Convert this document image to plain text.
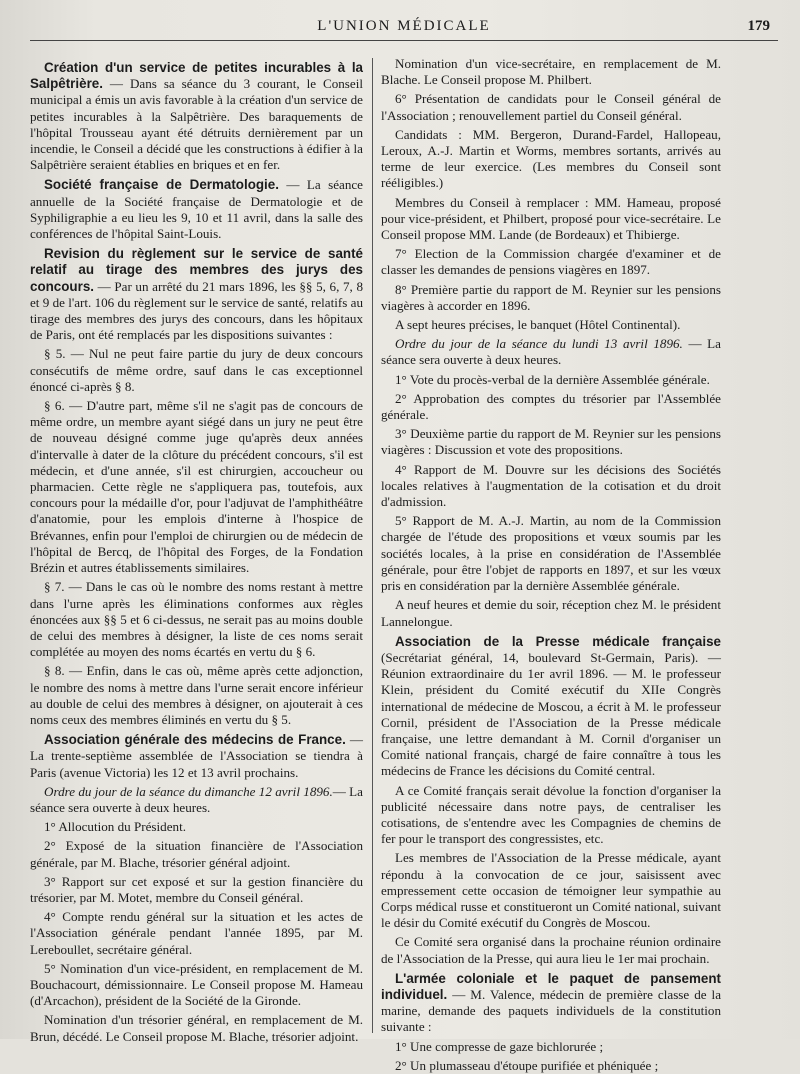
L'UNION MÉDICALE	179

Création d'un service de petites incurables à la Salpêtrière. — Dans sa séance du 3 courant, le Conseil municipal a émis un avis favorable à la création d'un service de petites incurables à la Salpêtrière. Des baraquements de l'hôpital Trousseau ayant été détruits dernièrement par un incendie, le Conseil a décidé que les constructions à édifier à la Salpêtrière seraient établies en briques et en fer.

Société française de Dermatologie. — La séance annuelle de la Société française de Dermatologie et de Syphiligraphie a eu lieu les 9, 10 et 11 avril, dans la salle des conférences de l'hôpital Saint-Louis.

Revision du règlement sur le service de santé relatif au tirage des membres des jurys des concours. — Par un arrêté du 21 mars 1896, les §§ 5, 6, 7, 8 et 9 de l'art. 106 du règlement sur le service de santé, relatifs au tirage des membres des jurys des concours, dans les hôpitaux de Paris, ont été remplacés par les dispositions suivantes :

§ 5. — Nul ne peut faire partie du jury de deux concours consécutifs de même ordre, sauf dans le cas exceptionnel énoncé ci-après § 8.

§ 6. — D'autre part, même s'il ne s'agit pas de concours de même ordre, un membre ayant siégé dans un jury ne peut être de nouveau désigné comme juge qu'après deux années d'intervalle à dater de la clôture du précédent concours, s'il est médecin, et d'une année, s'il est chirurgien, accoucheur ou pharmacien. Cette règle ne s'appliquera pas, toutefois, aux concours pour la médaille d'or, pour l'adjuvat de l'amphithéâtre d'anatomie, pour les emplois d'interne à l'hospice de Brévannes, enfin pour l'emploi de chirurgien ou de médecin de l'hôpital de Bercq, de l'hôpital des Forges, de la Fondation Brézin et autres établissements similaires.

§ 7. — Dans le cas où le nombre des noms restant à mettre dans l'urne après les éliminations conformes aux règles énoncées aux §§ 5 et 6 ci-dessus, ne serait pas au moins double de celui des membres à désigner, la liste de ces noms serait complétée au moyen des noms écartés en vertu du § 6.

§ 8. — Enfin, dans le cas où, même après cette adjonction, le nombre des noms à mettre dans l'urne serait encore inférieur au double de celui des membres à désigner, on ajouterait à ces noms ceux des membres éliminés en vertu du § 5.

Association générale des médecins de France. — La trente-septième assemblée de l'Association se tiendra à Paris (avenue Victoria) les 12 et 13 avril prochains.

Ordre du jour de la séance du dimanche 12 avril 1896.— La séance sera ouverte à deux heures.

1° Allocution du Président.

2° Exposé de la situation financière de l'Association générale, par M. Blache, trésorier général adjoint.

3° Rapport sur cet exposé et sur la gestion financière du trésorier, par M. Motet, membre du Conseil général.

4° Compte rendu général sur la situation et les actes de l'Association générale pendant l'année 1895, par M. Lereboullet, secrétaire général.

5° Nomination d'un vice-président, en remplacement de M. Bouchacourt, démissionnaire. Le Conseil propose M. Hameau (d'Arcachon), président de la Société de la Gironde.

Nomination d'un trésorier général, en remplacement de M. Brun, décédé. Le Conseil propose M. Blache, trésorier adjoint.

Nomination d'un vice-secrétaire, en remplacement de M. Blache. Le Conseil propose M. Philbert.

6° Présentation de candidats pour le Conseil général de l'Association ; renouvellement partiel du Conseil général.

Candidats : MM. Bergeron, Durand-Fardel, Hallopeau, Leroux, A.-J. Martin et Worms, membres sortants, arrivés au terme de leur exercice. (Les membres du Conseil sont rééligibles.)

Membres du Conseil à remplacer : MM. Hameau, proposé pour vice-président, et Philbert, proposé pour vice-secrétaire. Le Conseil propose MM. Lande (de Bordeaux) et Thibierge.

7° Election de la Commission chargée d'examiner et de classer les demandes de pensions viagères en 1897.

8° Première partie du rapport de M. Reynier sur les pensions viagères à accorder en 1896.

A sept heures précises, le banquet (Hôtel Continental).

Ordre du jour de la séance du lundi 13 avril 1896. — La séance sera ouverte à deux heures.

1° Vote du procès-verbal de la dernière Assemblée générale.

2° Approbation des comptes du trésorier par l'Assemblée générale.

3° Deuxième partie du rapport de M. Reynier sur les pensions viagères : Discussion et vote des propositions.

4° Rapport de M. Douvre sur les décisions des Sociétés locales relatives à l'augmentation de la cotisation et du droit d'admission.

5° Rapport de M. A.-J. Martin, au nom de la Commission chargée de l'étude des propositions et vœux soumis par les sociétés locales, à la prise en considération de l'Assemblée générale, pour être l'objet de rapports en 1897, et sur les vœux pris en considération par la dernière Assemblée générale.

A neuf heures et demie du soir, réception chez M. le président Lannelongue.

Association de la Presse médicale française (Secrétariat général, 14, boulevard St-Germain, Paris). — Réunion extraordinaire du 1er avril 1896. — M. le professeur Klein, président du Comité exécutif du XIIe Congrès international de médecine de Moscou, a écrit à M. le professeur Cornil, président de l'Association de la Presse médicale française, une lettre demandant à M. Cornil d'organiser un Comité national français, chargé de faire connaître à tous les médecins de France les décisions du Comité central.

A ce Comité français serait dévolue la fonction d'organiser la publicité nécessaire dans notre pays, de centraliser les cotisations, de s'entendre avec les Compagnies de chemins de fer pour le transport des congressistes, etc.

Les membres de l'Association de la Presse médicale, ayant répondu à la convocation de ce jour, saisissent avec empressement cette occasion de témoigner leur sympathie au Corps médical russe et constitueront un Comité national, suivant le désir du Comité exécutif du Congrès de Moscou.

Ce Comité sera organisé dans la prochaine réunion ordinaire de l'Association de la Presse, qui aura lieu le 1er mai prochain.

L'armée coloniale et le paquet de pansement individuel. — M. Valence, médecin de première classe de la marine, demande des paquets individuels de la constitution suivante :

1° Une compresse de gaze bichlorurée ;

2° Un plumasseau d'étoupe purifiée et phéniquée ;
